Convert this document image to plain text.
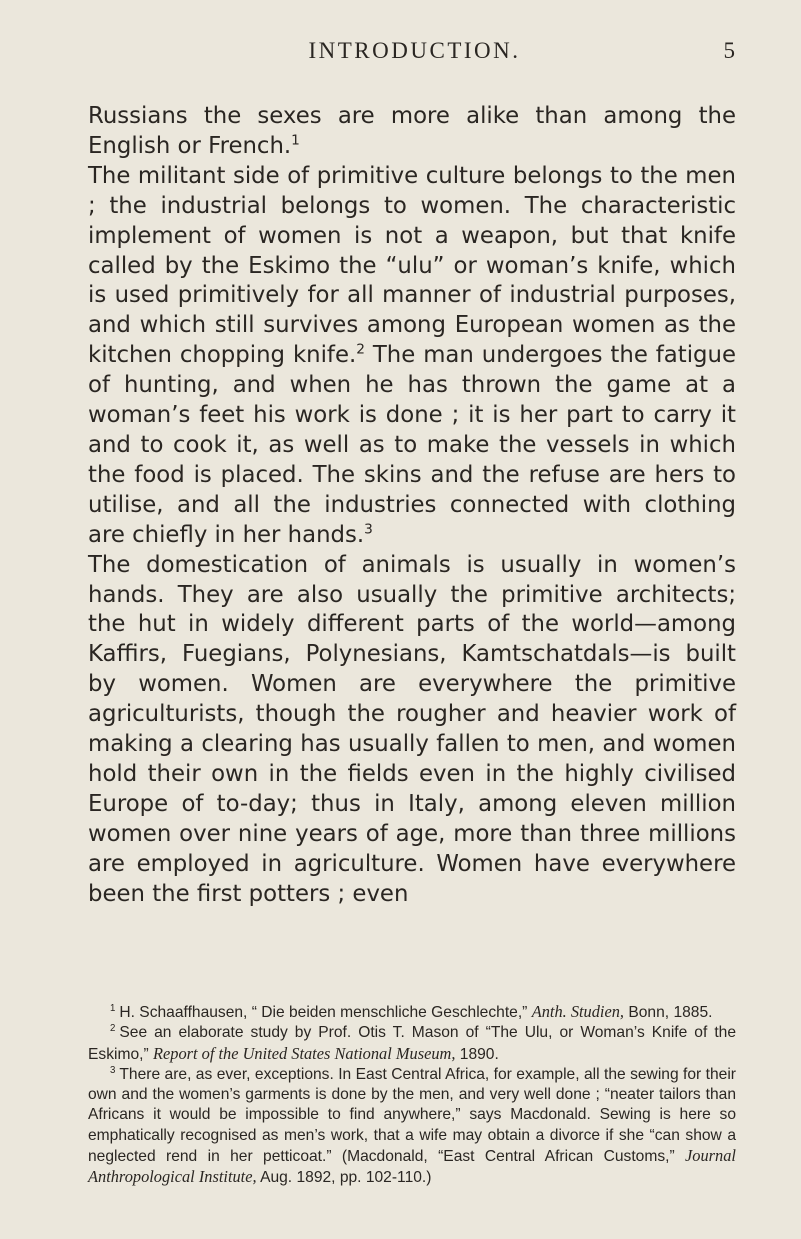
INTRODUCTION.	5

Russians the sexes are more alike than among the English or French.$^1$

The militant side of primitive culture belongs to the men ; the industrial belongs to women. The characteristic implement of women is not a weapon, but that knife called by the Eskimo the “ulu” or woman’s knife, which is used primitively for all manner of industrial purposes, and which still survives among European women as the kitchen chopping knife.$^2$ The man undergoes the fatigue of hunting, and when he has thrown the game at a woman’s feet his work is done ; it is her part to carry it and to cook it, as well as to make the vessels in which the food is placed. The skins and the refuse are hers to utilise, and all the industries connected with clothing are chiefly in her hands.$^3$

The domestication of animals is usually in women’s hands. They are also usually the primitive architects; the hut in widely different parts of the world—among Kaffirs, Fuegians, Polynesians, Kamtschatdals—is built by women. Women are everywhere the primitive agriculturists, though the rougher and heavier work of making a clearing has usually fallen to men, and women hold their own in the fields even in the highly civilised Europe of to-day; thus in Italy, among eleven million women over nine years of age, more than three millions are employed in agriculture. Women have everywhere been the first potters ; even

$^1$ H. Schaaffhausen, “ Die beiden menschliche Geschlechte,” Anth. Studien, Bonn, 1885.

$^2$ See an elaborate study by Prof. Otis T. Mason of “The Ulu, or Woman’s Knife of the Eskimo,” Report of the United States National Museum, 1890.

$^3$ There are, as ever, exceptions. In East Central Africa, for example, all the sewing for their own and the women’s garments is done by the men, and very well done ; “neater tailors than Africans it would be impossible to find anywhere,” says Macdonald. Sewing is here so emphatically recognised as men’s work, that a wife may obtain a divorce if she “can show a neglected rend in her petticoat.” (Macdonald, “East Central African Customs,” Journal Anthropological Institute, Aug. 1892, pp. 102-110.)
